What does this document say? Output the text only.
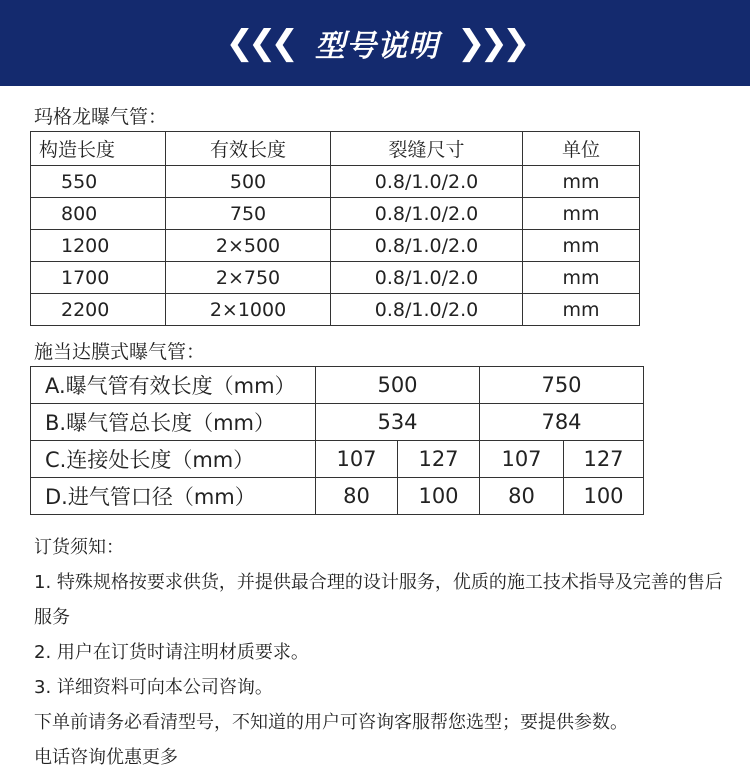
❮❮❮ 型号说明 ❯❯❯
玛格龙曝气管：
构造长度	有效长度	裂缝尺寸	单位
550	500	0.8/1.0/2.0	mm
800	750	0.8/1.0/2.0	mm
1200	2×500	0.8/1.0/2.0	mm
1700	2×750	0.8/1.0/2.0	mm
2200	2×1000	0.8/1.0/2.0	mm
施当达膜式曝气管：
A.曝气管有效长度（mm）	500		750	
B.曝气管总长度（mm）	534		784	
C.连接处长度（mm）	107	127	107	127
D.进气管口径（mm）	80	100	80	100

订货须知：

1. 特殊规格按要求供货，并提供最合理的设计服务，优质的施工技术指导及完善的售后服务

2. 用户在订货时请注明材质要求。

3. 详细资料可向本公司咨询。

下单前请务必看清型号，不知道的用户可咨询客服帮您选型；要提供参数。

电话咨询优惠更多
